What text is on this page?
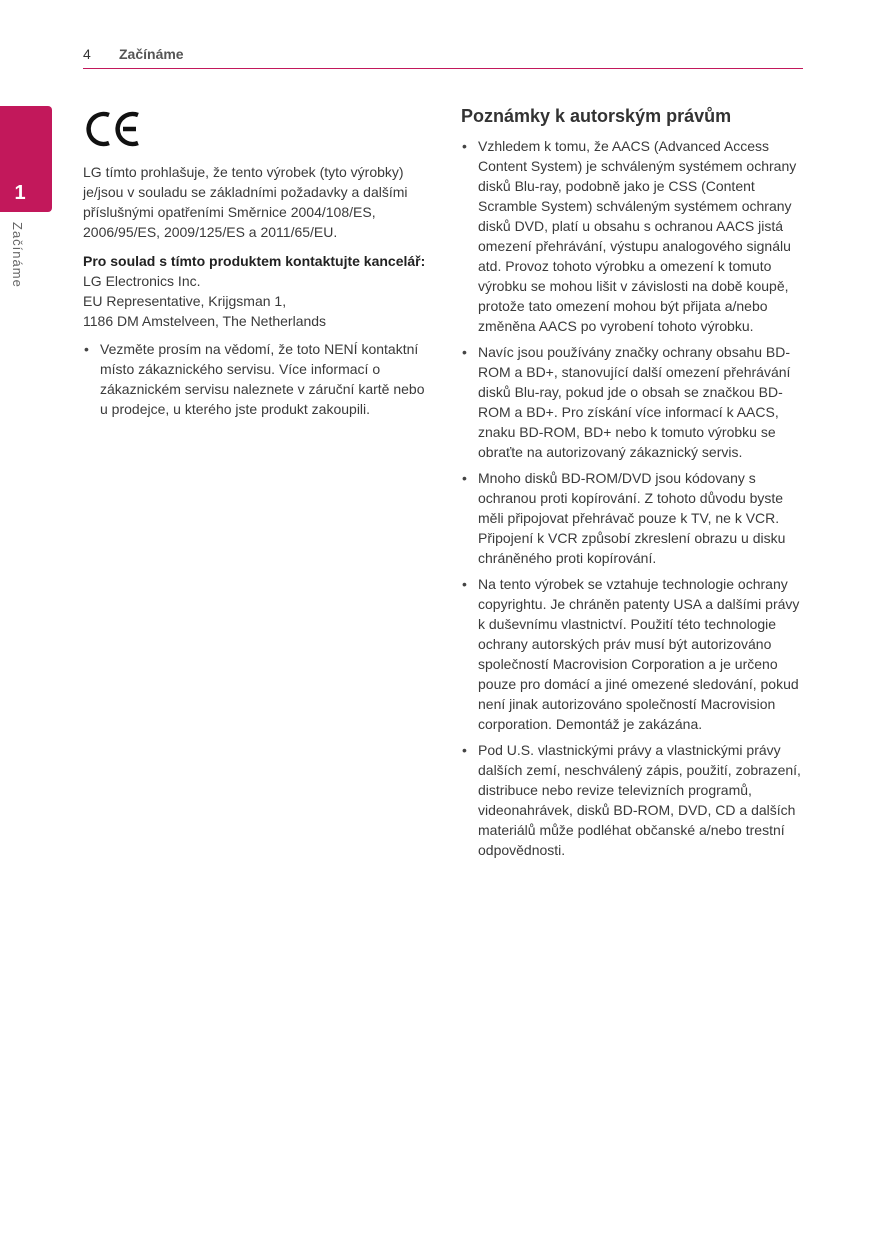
4 Začínáme
1
Začínáme

LG tímto prohlašuje, že tento výrobek (tyto výrobky) je/jsou v souladu se základními požadavky a dalšími příslušnými opatřeními Směrnice 2004/108/ES, 2006/95/ES, 2009/125/ES a 2011/65/EU.

Pro soulad s tímto produktem kontaktujte kancelář:

LG Electronics Inc.

EU Representative, Krijgsman 1,

1186 DM Amstelveen, The Netherlands

• Vezměte prosím na vědomí, že toto NENÍ kontaktní místo zákaznického servisu. Více informací o zákaznickém servisu naleznete v záruční kartě nebo u prodejce, u kterého jste produkt zakoupili.
Poznámky k autorským právům
• Vzhledem k tomu, že AACS (Advanced Access Content System) je schváleným systémem ochrany disků Blu-ray, podobně jako je CSS (Content Scramble System) schváleným systémem ochrany disků DVD, platí u obsahu s ochranou AACS jistá omezení přehrávání, výstupu analogového signálu atd. Provoz tohoto výrobku a omezení k tomuto výrobku se mohou lišit v závislosti na době koupě, protože tato omezení mohou být přijata a/nebo změněna AACS po vyrobení tohoto výrobku.
• Navíc jsou používány značky ochrany obsahu BD-ROM a BD+, stanovující další omezení přehrávání disků Blu-ray, pokud jde o obsah se značkou BD-ROM a BD+. Pro získání více informací k AACS, znaku BD-ROM, BD+ nebo k tomuto výrobku se obraťte na autorizovaný zákaznický servis.
• Mnoho disků BD-ROM/DVD jsou kódovany s ochranou proti kopírování. Z tohoto důvodu byste měli připojovat přehrávač pouze k TV, ne k VCR. Připojení k VCR způsobí zkreslení obrazu u disku chráněného proti kopírování.
• Na tento výrobek se vztahuje technologie ochrany copyrightu. Je chráněn patenty USA a dalšími právy k duševnímu vlastnictví. Použití této technologie ochrany autorských práv musí být autorizováno společností Macrovision Corporation a je určeno pouze pro domácí a jiné omezené sledování, pokud není jinak autorizováno společností Macrovision corporation. Demontáž je zakázána.
• Pod U.S. vlastnickými právy a vlastnickými právy dalších zemí, neschválený zápis, použití, zobrazení, distribuce nebo revize televizních programů, videonahrávek, disků BD-ROM, DVD, CD a dalších materiálů může podléhat občanské a/nebo trestní odpovědnosti.
